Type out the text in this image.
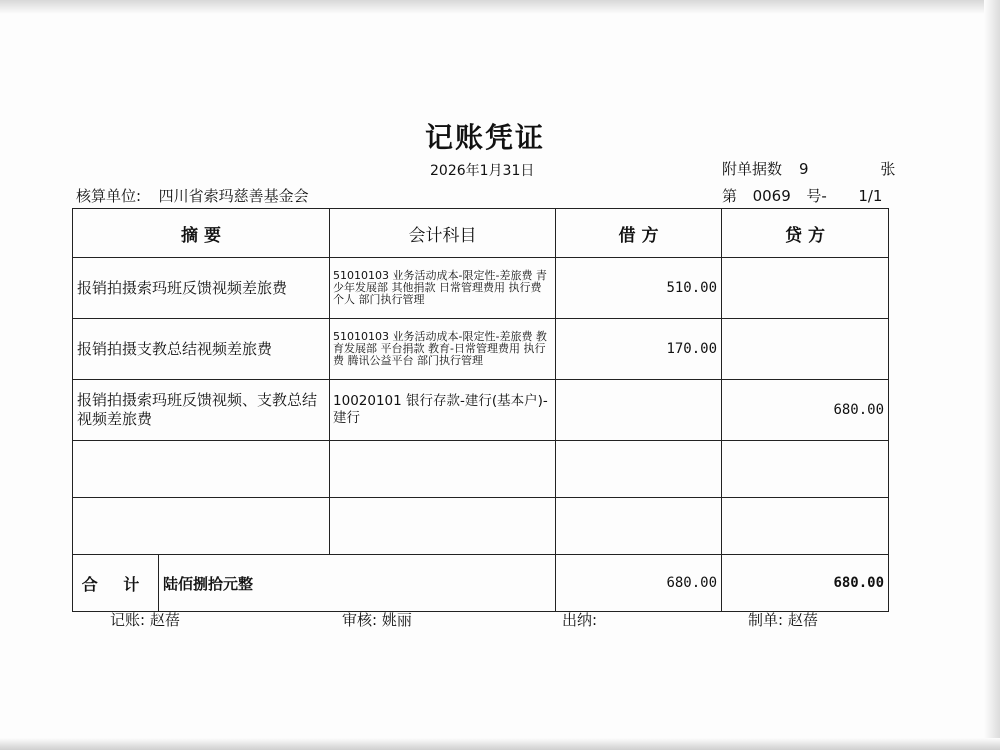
记账凭证
2026年1月31日	附单据数 9	张
核算单位: 四川省索玛慈善基金会	第 0069 号- 1/1
摘 要		会计科目	借 方	贷 方
报销拍摄索玛班反馈视频差旅费		51010103 业务活动成本-限定性-差旅费 青少年发展部 其他捐款 日常管理费用 执行费 个人 部门执行管理	510.00	
报销拍摄支教总结视频差旅费		51010103 业务活动成本-限定性-差旅费 教育发展部 平台捐款 教育-日常管理费用 执行费 腾讯公益平台 部门执行管理	170.00	
报销拍摄索玛班反馈视频、支教总结视频差旅费		10020101 银行存款-建行(基本户)-建行		680.00

合 计	陆佰捌拾元整		680.00	680.00
记账: 赵蓓	审核: 姚丽	出纳:	制单: 赵蓓
